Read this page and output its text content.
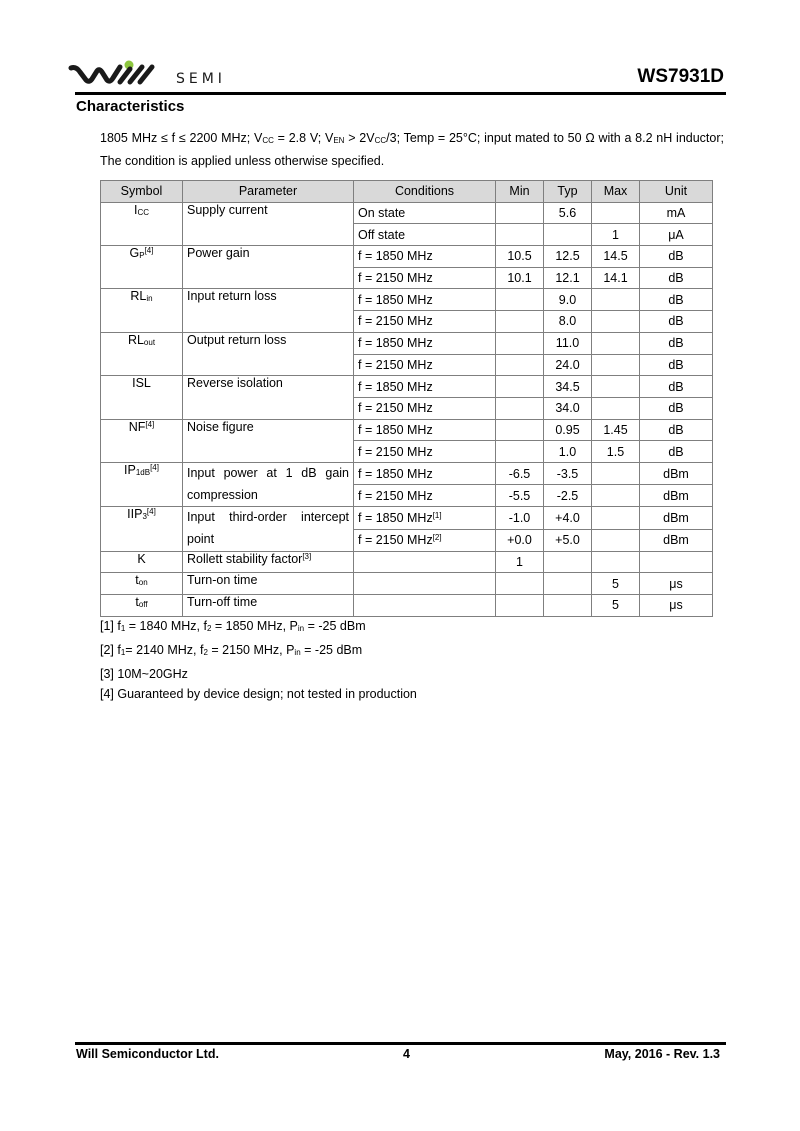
SEMI	WS7931D
Characteristics
1805 MHz ≤ f ≤ 2200 MHz; $V_{CC} = 2.8$ V; $V_{EN} > 2V_{CC}/3$; Temp = 25°C; input mated to 50 Ω with a 8.2 nH inductor; The condition is applied unless otherwise specified.
Symbol	Parameter	Conditions	Min	Typ	Max	Unit
$I_{CC}$	Supply current	On state		5.6		mA
		Off state			1	μA
$G_P[4]$	Power gain	f = 1850 MHz	10.5	12.5	14.5	dB
		f = 2150 MHz	10.1	12.1	14.1	dB
$RL_{in}$	Input return loss	f = 1850 MHz		9.0		dB
		f = 2150 MHz		8.0		dB
$RL_{out}$	Output return loss	f = 1850 MHz		11.0		dB
		f = 2150 MHz		24.0		dB
ISL	Reverse isolation	f = 1850 MHz		34.5		dB
		f = 2150 MHz		34.0		dB
NF[4]	Noise figure	f = 1850 MHz		0.95	1.45	dB
		f = 2150 MHz		1.0	1.5	dB
$IP_{1dB}[4]$	Input power at 1 dB gain compression	f = 1850 MHz	-6.5	-3.5		dBm
		f = 2150 MHz	-5.5	-2.5		dBm
$IIP_3[4]$	Input third-order intercept point	f = 1850 MHz[1]	-1.0	+4.0		dBm
		f = 2150 MHz[2]	+0.0	+5.0		dBm
K	Rollett stability factor[3]		1			
$t_{on}$	Turn-on time				5	μs
$t_{off}$	Turn-off time				5	μs
[1] $f_1 = 1840$ MHz, $f_2 = 1850$ MHz, $P_{in} = -25$ dBm
[2] $f_1= 2140$ MHz, $f_2 = 2150$ MHz, $P_{in} = -25$ dBm
[3] 10M~20GHz
[4] Guaranteed by device design; not tested in production
Will Semiconductor Ltd.	4	May, 2016 - Rev. 1.3
